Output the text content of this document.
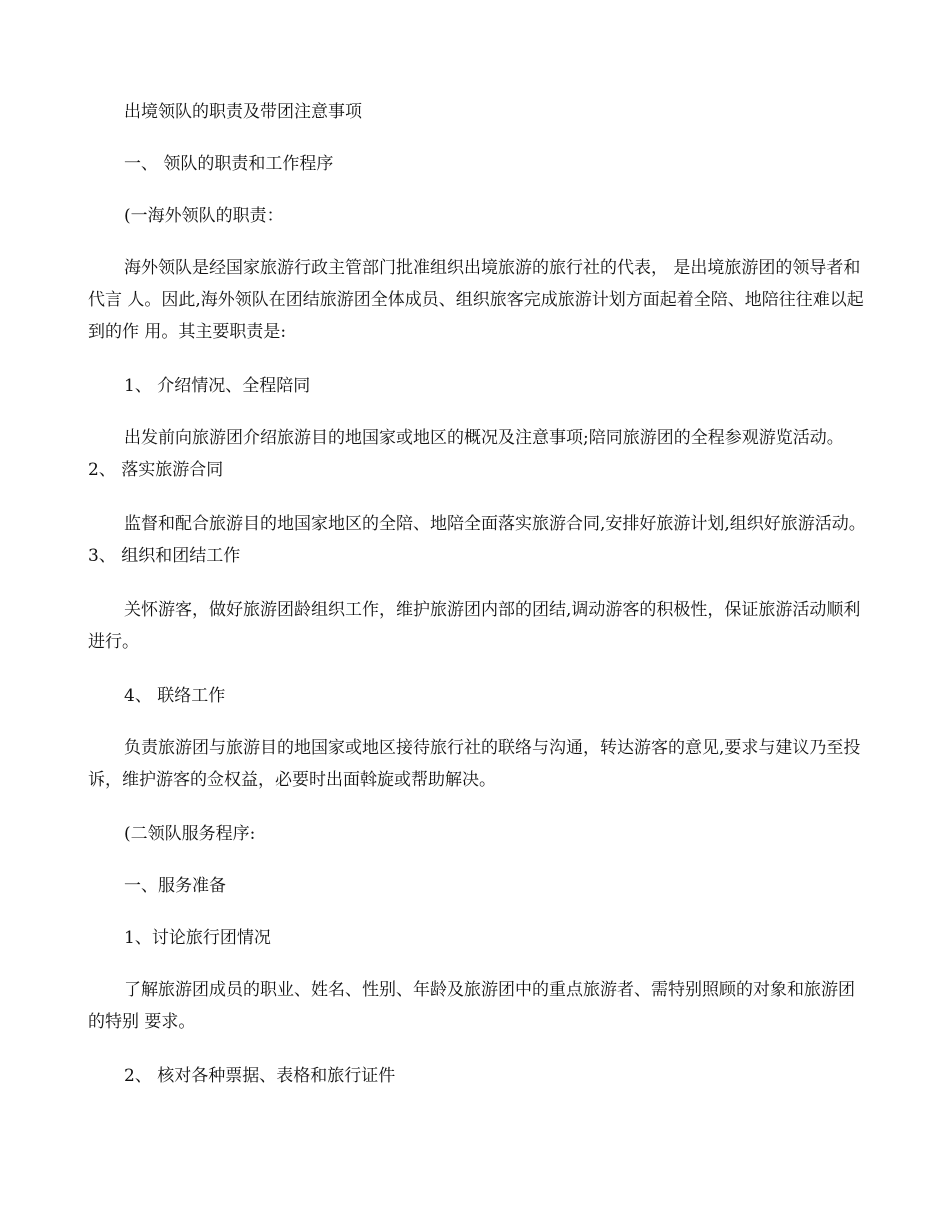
出境领队的职责及带团注意事项

一、 领队的职责和工作程序

(一海外领队的职责：

海外领队是经国家旅游行政主管部门批准组织出境旅游的旅行社的代表， 是出境旅游团的领导者和代言 人。因此,海外领队在团结旅游团全体成员、组织旅客完成旅游计划方面起着全陪、地陪往往难以起到的作 用。其主要职责是:

1、 介绍情况、全程陪同

出发前向旅游团介绍旅游目的地国家或地区的概况及注意事项;陪同旅游团的全程参观游览活动。 2、 落实旅游合同

监督和配合旅游目的地国家地区的全陪、地陪全面落实旅游合同,安排好旅游计划,组织好旅游活动。 3、 组织和团结工作

关怀游客，做好旅游团龄组织工作，维护旅游团内部的团结,调动游客的积极性，保证旅游活动顺利 进行。

4、 联络工作

负责旅游团与旅游目的地国家或地区接待旅行社的联络与沟通，转达游客的意见,要求与建议乃至投 诉，维护游客的佥权益，必要时出面斡旋或帮助解决。

(二领队服务程序:

一、服务准备

1、讨论旅行团情况

了解旅游团成员的职业、姓名、性别、年龄及旅游团中的重点旅游者、需特别照顾的对象和旅游团的特别 要求。

2、 核对各种票据、表格和旅行证件
